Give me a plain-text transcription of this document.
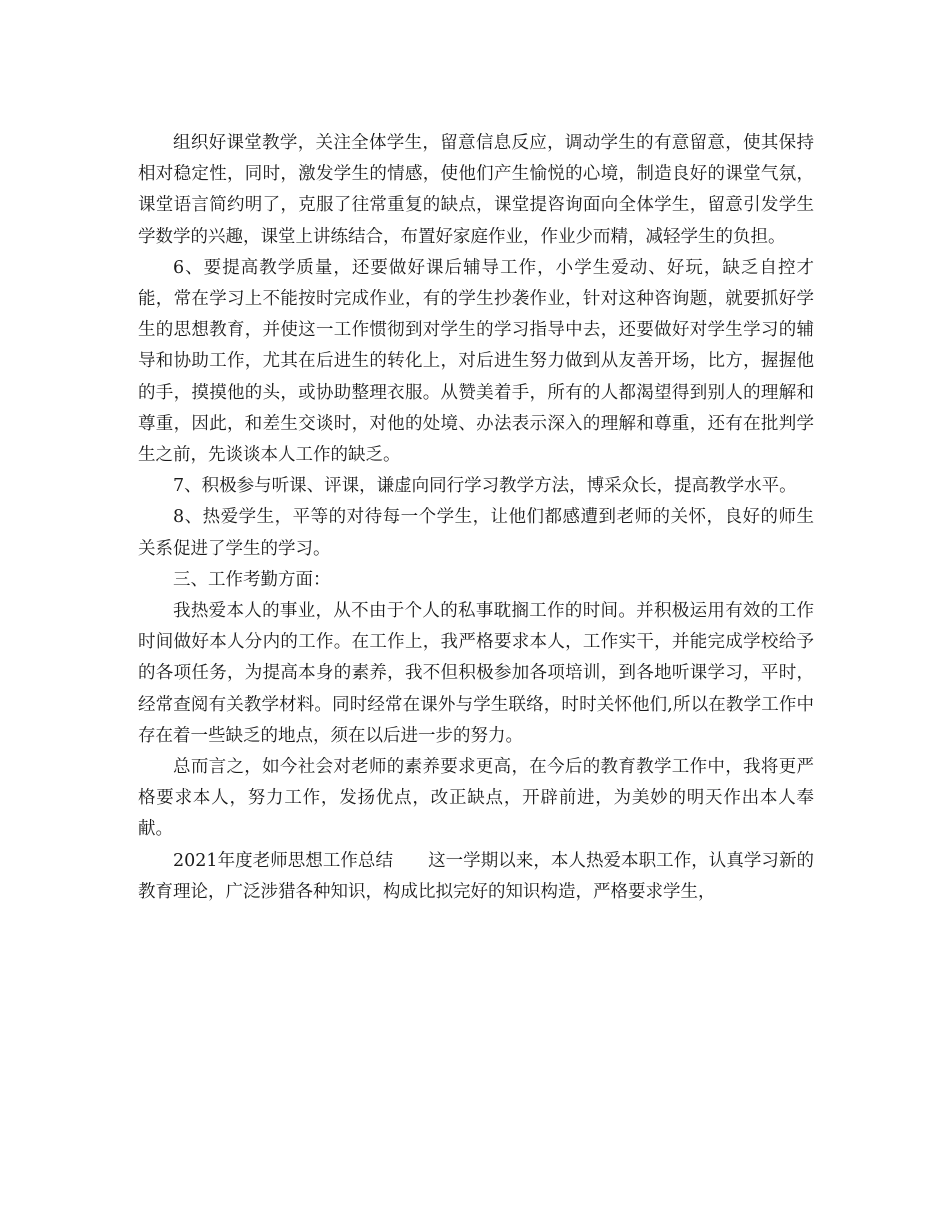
组织好课堂教学，关注全体学生，留意信息反应，调动学生的有意留意，使其保持相对稳定性，同时，激发学生的情感，使他们产生愉悦的心境，制造良好的课堂气氛，课堂语言简约明了，克服了往常重复的缺点，课堂提咨询面向全体学生，留意引发学生学数学的兴趣，课堂上讲练结合，布置好家庭作业，作业少而精，减轻学生的负担。

6、要提高教学质量，还要做好课后辅导工作，小学生爱动、好玩，缺乏自控才能，常在学习上不能按时完成作业，有的学生抄袭作业，针对这种咨询题，就要抓好学生的思想教育，并使这一工作惯彻到对学生的学习指导中去，还要做好对学生学习的辅导和协助工作，尤其在后进生的转化上，对后进生努力做到从友善开场，比方，握握他的手，摸摸他的头，或协助整理衣服。从赞美着手，所有的人都渴望得到别人的理解和尊重，因此，和差生交谈时，对他的处境、办法表示深入的理解和尊重，还有在批判学生之前，先谈谈本人工作的缺乏。

7、积极参与听课、评课，谦虚向同行学习教学方法，博采众长，提高教学水平。

8、热爱学生，平等的对待每一个学生，让他们都感遭到老师的关怀，良好的师生关系促进了学生的学习。

三、工作考勤方面：

我热爱本人的事业，从不由于个人的私事耽搁工作的时间。并积极运用有效的工作时间做好本人分内的工作。在工作上，我严格要求本人，工作实干，并能完成学校给予的各项任务，为提高本身的素养，我不但积极参加各项培训，到各地听课学习，平时，经常查阅有关教学材料。同时经常在课外与学生联络，时时关怀他们,所以在教学工作中存在着一些缺乏的地点，须在以后进一步的努力。

总而言之，如今社会对老师的素养要求更高，在今后的教育教学工作中，我将更严格要求本人，努力工作，发扬优点，改正缺点，开辟前进，为美妙的明天作出本人奉献。

2021年度老师思想工作总结　　这一学期以来，本人热爱本职工作，认真学习新的教育理论，广泛涉猎各种知识，构成比拟完好的知识构造，严格要求学生，
